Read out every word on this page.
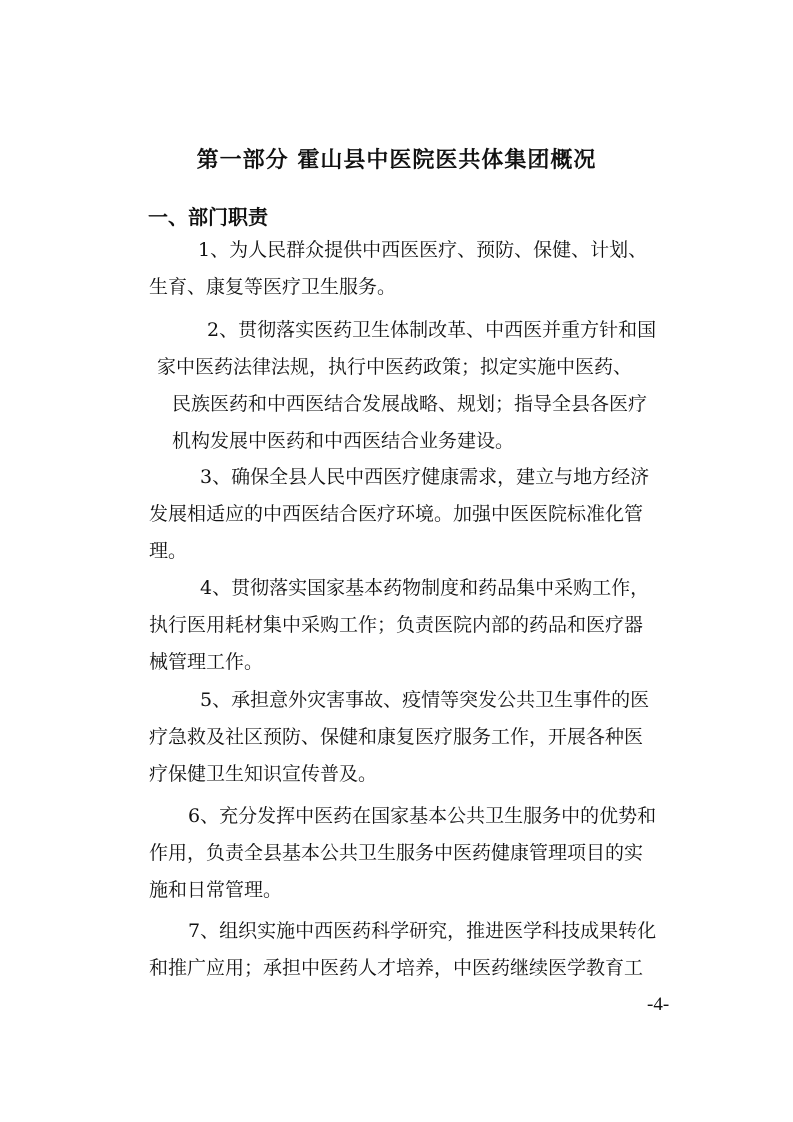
第一部分 霍山县中医院医共体集团概况
一、部门职责
1、为人民群众提供中西医医疗、预防、保健、计划、
生育、康复等医疗卫生服务。
2、贯彻落实医药卫生体制改革、中西医并重方针和国
家中医药法律法规，执行中医药政策；拟定实施中医药、
民族医药和中西医结合发展战略、规划；指导全县各医疗
机构发展中医药和中西医结合业务建设。
3、确保全县人民中西医疗健康需求，建立与地方经济
发展相适应的中西医结合医疗环境。加强中医医院标准化管
理。
4、贯彻落实国家基本药物制度和药品集中采购工作，
执行医用耗材集中采购工作；负责医院内部的药品和医疗器
械管理工作。
5、承担意外灾害事故、疫情等突发公共卫生事件的医
疗急救及社区预防、保健和康复医疗服务工作，开展各种医
疗保健卫生知识宣传普及。
6、充分发挥中医药在国家基本公共卫生服务中的优势和
作用，负责全县基本公共卫生服务中医药健康管理项目的实
施和日常管理。
7、组织实施中西医药科学研究，推进医学科技成果转化
和推广应用；承担中医药人才培养，中医药继续医学教育工
-4-
